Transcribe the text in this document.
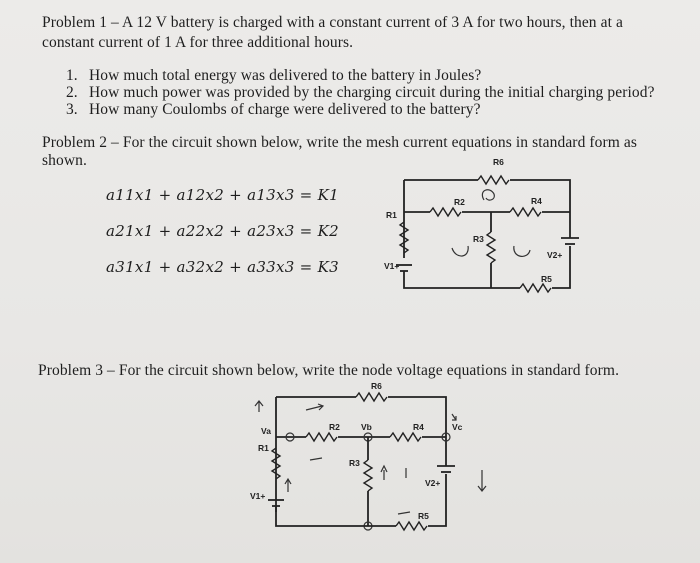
Problem 1 – A 12 V battery is charged with a constant current of 3 A for two hours, then at a
constant current of 1 A for three additional hours.
1. How much total energy was delivered to the battery in Joules?
2. How much power was provided by the charging circuit during the initial charging period?
3. How many Coulombs of charge were delivered to the battery?
Problem 2 – For the circuit shown below, write the mesh current equations in standard form as
shown.
a11x1 + a12x2 + a13x3 = K1
a21x1 + a22x2 + a23x3 = K2
a31x1 + a32x2 + a33x3 = K3
R6
R2	R4
R1
R3
V2+
R5
V1+
Problem 3 – For the circuit shown below, write the node voltage equations in standard form.
R6
Va
R1
R2 Vb	R4	Vc
R3
V2+
V1+
R5
